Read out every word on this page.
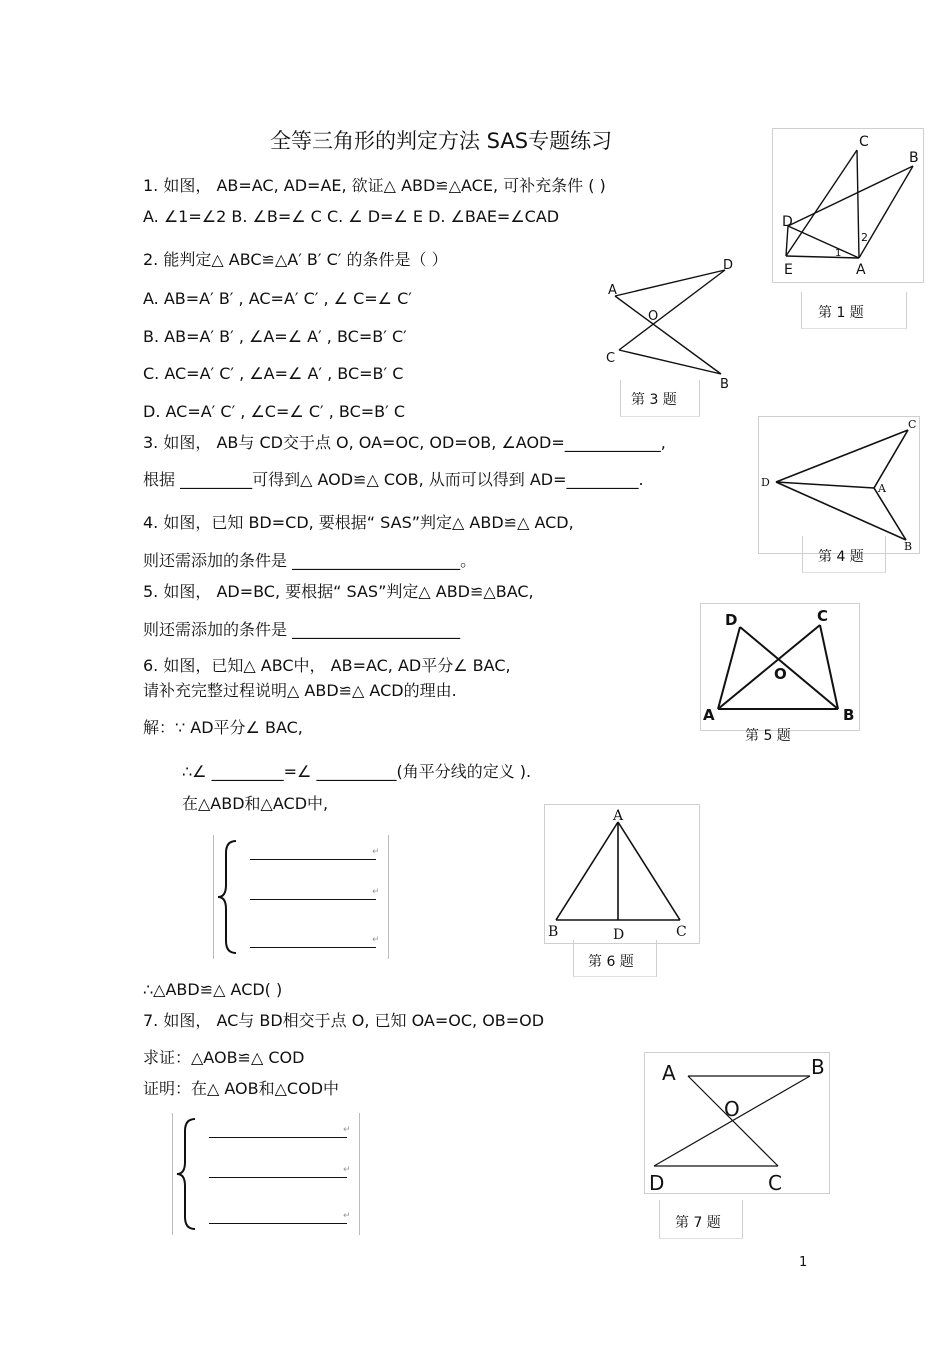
全等三角形的判定方法 SAS专题练习
1. 如图， AB=AC, AD=AE, 欲证△ ABD≌△ACE, 可补充条件 ( )
A. ∠1=∠2 B. ∠B=∠ C C. ∠ D=∠ E D. ∠BAE=∠CAD
2. 能判定△ ABC≌△A′ B′ C′ 的条件是（ ）
A. AB=A′ B′ , AC=A′ C′ , ∠ C=∠ C′
B. AB=A′ B′ , ∠A=∠ A′ , BC=B′ C′
C. AC=A′ C′ , ∠A=∠ A′ , BC=B′ C
D. AC=A′ C′ , ∠C=∠ C′ , BC=B′ C
3. 如图， AB与 CD交于点 O, OA=OC, OD=OB, ∠AOD=____________,
根据 _________可得到△ AOD≌△ COB, 从而可以得到 AD=_________.
4. 如图，已知 BD=CD, 要根据“ SAS”判定△ ABD≌△ ACD,
则还需添加的条件是 _____________________。
5. 如图， AD=BC, 要根据“ SAS”判定△ ABD≌△BAC,
则还需添加的条件是 _____________________
6. 如图，已知△ ABC中， AB=AC, AD平分∠ BAC,
请补充完整过程说明△ ABD≌△ ACD的理由.
解：∵ AD平分∠ BAC,
∴∠ _________=∠ __________(角平分线的定义 ).
在△ABD和△ACD中,
↵
↵
↵
∴△ABD≌△ ACD( )
7. 如图， AC与 BD相交于点 O, 已知 OA=OC, OB=OD
求证：△AOB≌△ COD
证明：在△ AOB和△COD中
↵
↵
↵
C
B
D
2
1
E	A
第 1 题
A
D
O
C
B
第 3 题
C
D	A
B
第 4 题
D	C
O
A	B
第 5 题
A
B	D	C
第 6 题
A	B
O
D	C
第 7 题
1
